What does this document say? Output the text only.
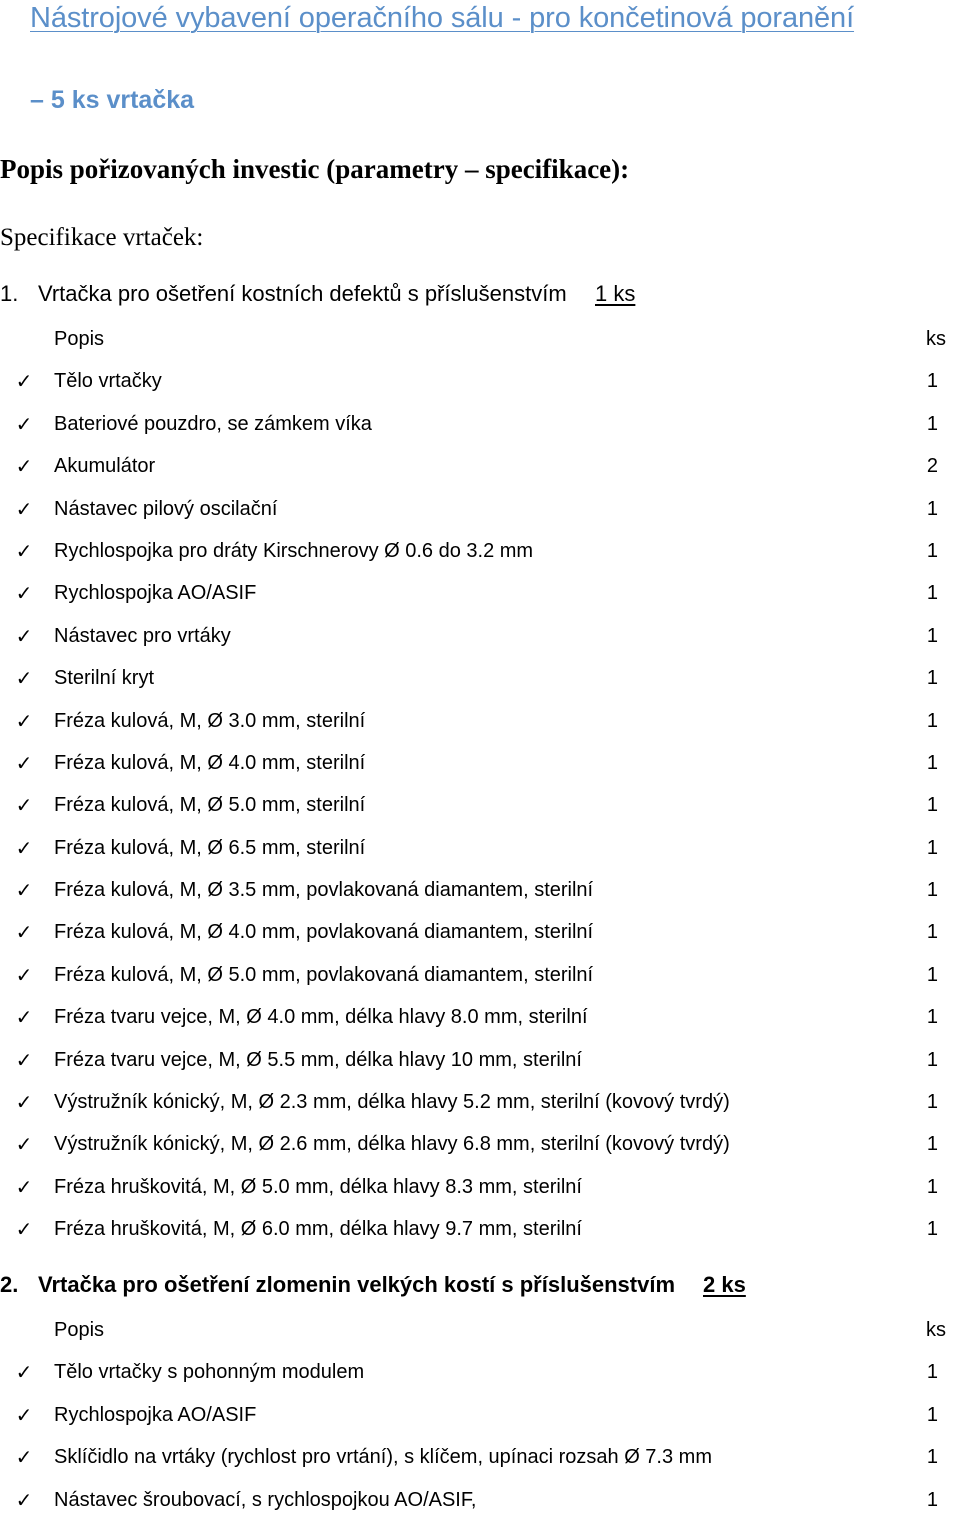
Nástrojové vybavení operačního sálu - pro končetinová poranění
– 5 ks vrtačka
Popis pořizovaných investic (parametry – specifikace):
Specifikace vrtaček:
1. Vrtačka pro ošetření kostních defektů s příslušenstvím 1 ks
Popis	ks
✓ Tělo vrtačky	1
✓ Bateriové pouzdro, se zámkem víka	1
✓ Akumulátor	2
✓ Nástavec pilový oscilační	1
✓ Rychlospojka pro dráty Kirschnerovy Ø 0.6 do 3.2 mm	1
✓ Rychlospojka AO/ASIF	1
✓ Nástavec pro vrtáky	1
✓ Sterilní kryt	1
✓ Fréza kulová, M, Ø 3.0 mm, sterilní	1
✓ Fréza kulová, M, Ø 4.0 mm, sterilní	1
✓ Fréza kulová, M, Ø 5.0 mm, sterilní	1
✓ Fréza kulová, M, Ø 6.5 mm, sterilní	1
✓ Fréza kulová, M, Ø 3.5 mm, povlakovaná diamantem, sterilní	1
✓ Fréza kulová, M, Ø 4.0 mm, povlakovaná diamantem, sterilní	1
✓ Fréza kulová, M, Ø 5.0 mm, povlakovaná diamantem, sterilní	1
✓ Fréza tvaru vejce, M, Ø 4.0 mm, délka hlavy 8.0 mm, sterilní	1
✓ Fréza tvaru vejce, M, Ø 5.5 mm, délka hlavy 10 mm, sterilní	1
✓ Výstružník kónický, M, Ø 2.3 mm, délka hlavy 5.2 mm, sterilní (kovový tvrdý)	1
✓ Výstružník kónický, M, Ø 2.6 mm, délka hlavy 6.8 mm, sterilní (kovový tvrdý)	1
✓ Fréza hruškovitá, M, Ø 5.0 mm, délka hlavy 8.3 mm, sterilní	1
✓ Fréza hruškovitá, M, Ø 6.0 mm, délka hlavy 9.7 mm, sterilní	1
2. Vrtačka pro ošetření zlomenin velkých kostí s příslušenstvím 2 ks
Popis	ks
✓ Tělo vrtačky s pohonným modulem	1
✓ Rychlospojka AO/ASIF	1
✓ Sklíčidlo na vrtáky (rychlost pro vrtání), s klíčem, upínaci rozsah Ø 7.3 mm	1
✓ Nástavec šroubovací, s rychlospojkou AO/ASIF,	1
